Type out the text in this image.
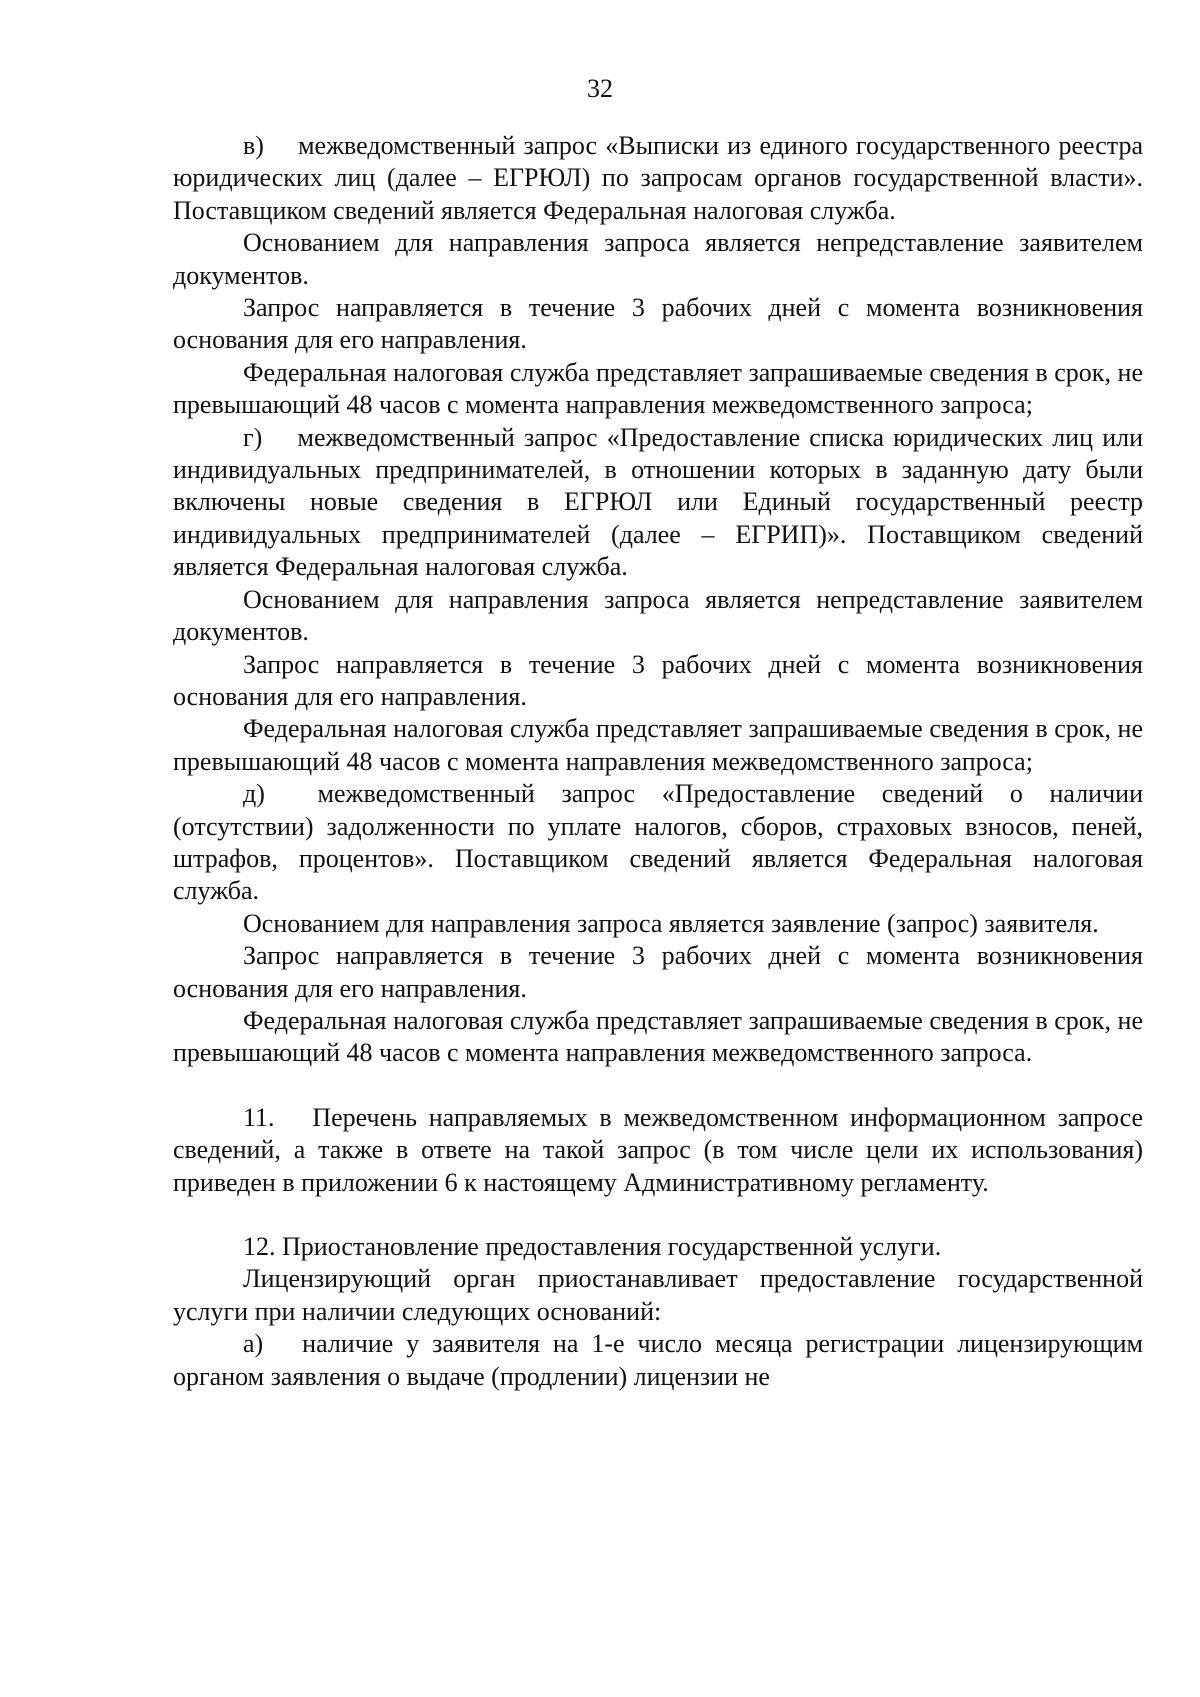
32

в)  межведомственный запрос «Выписки из единого государственного реестра юридических лиц (далее – ЕГРЮЛ) по запросам органов государственной власти». Поставщиком сведений является Федеральная налоговая служба.

Основанием для направления запроса является непредставление заявителем документов.

Запрос направляется в течение 3 рабочих дней с момента возникновения основания для его направления.

Федеральная налоговая служба представляет запрашиваемые сведения в срок, не превышающий 48 часов с момента направления межведомственного запроса;

г)  межведомственный запрос «Предоставление списка юридических лиц или индивидуальных предпринимателей, в отношении которых в заданную дату были включены новые сведения в ЕГРЮЛ или Единый государственный реестр индивидуальных предпринимателей (далее – ЕГРИП)». Поставщиком сведений является Федеральная налоговая служба.

Основанием для направления запроса является непредставление заявителем документов.

Запрос направляется в течение 3 рабочих дней с момента возникновения основания для его направления.

Федеральная налоговая служба представляет запрашиваемые сведения в срок, не превышающий 48 часов с момента направления межведомственного запроса;

д)  межведомственный запрос «Предоставление сведений о наличии (отсутствии) задолженности по уплате налогов, сборов, страховых взносов, пеней, штрафов, процентов». Поставщиком сведений является Федеральная налоговая служба.

Основанием для направления запроса является заявление (запрос) заявителя.

Запрос направляется в течение 3 рабочих дней с момента возникновения основания для его направления.

Федеральная налоговая служба представляет запрашиваемые сведения в срок, не превышающий 48 часов с момента направления межведомственного запроса.

11.  Перечень направляемых в межведомственном информационном запросе сведений, а также в ответе на такой запрос (в том числе цели их использования) приведен в приложении 6 к настоящему Административному регламенту.

12. Приостановление предоставления государственной услуги.

Лицензирующий орган приостанавливает предоставление государственной услуги при наличии следующих оснований:

а)  наличие у заявителя на 1-е число месяца регистрации лицензирующим органом заявления о выдаче (продлении) лицензии не
